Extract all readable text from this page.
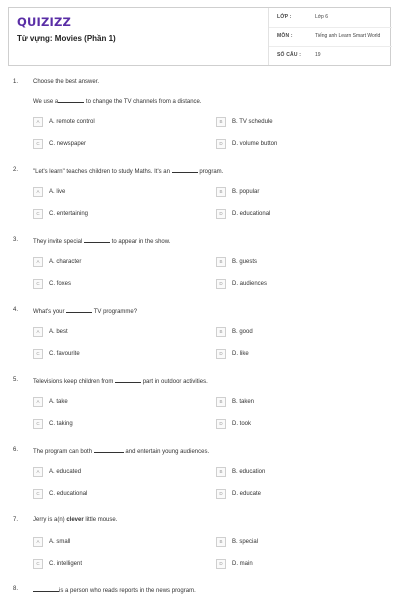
QUIZIZZ
Từ vựng: Movies (Phần 1)
LỚP :	Lớp 6
MÔN :	Tiếng anh Learn Smart World
SỐ CÂU :	19
1. Choose the best answer.
We use a	to change the TV channels from a distance.
A	A. remote control	B	B. TV schedule
C	C. newspaper	D	D. volume button
2. "Let's learn" teaches children to study Maths. It's an	program.
A	A. live	B	B. popular
C	C. entertaining	D	D. educational
3. They invite special	to appear in the show.
A	A. character	B	B. guests
C	C. foxes	D	D. audiences
4. What's your	TV programme?
A	A. best	B	B. good
C	C. favourite	D	D. like
5. Televisions keep children from	part in outdoor activities.
A	A. take	B	B. taken
C	C. taking	D	D. took
6. The program can both	and entertain young audiences.
A	A. educated	B	B. education
C	C. educational	D	D. educate
7. Jerry is a(n) clever little mouse.
A	A. small	B	B. special
C	C. intelligent	D	D. main
8.	is a person who reads reports in the news program.
